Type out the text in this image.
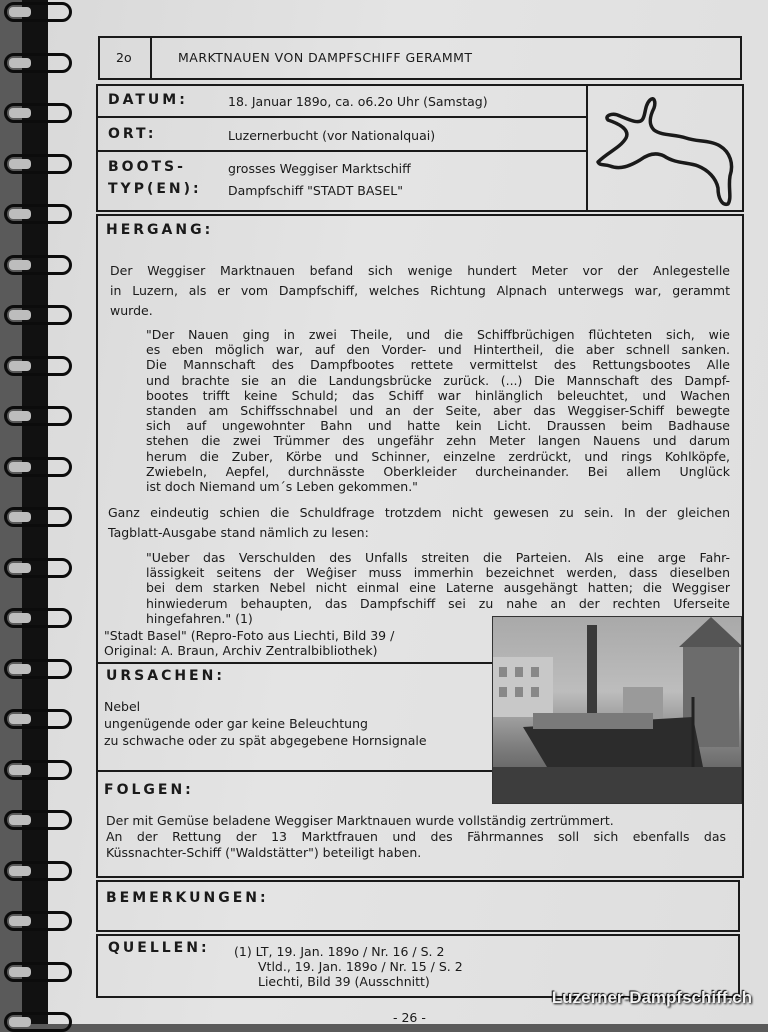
2o	MARKTNAUEN VON DAMPFSCHIFF GERAMMT
DATUM:	18. Januar 189o, ca. o6.2o Uhr (Samstag)
ORT:	Luzernerbucht (vor Nationalquai)
BOOTS-
TYP(EN):
grosses Weggiser Marktschiff
Dampfschiff "STADT BASEL"
HERGANG:

Der Weggiser Marktnauen befand sich wenige hundert Meter vor der Anlegestelle

in Luzern, als er vom Dampfschiff, welches Richtung Alpnach unterwegs war, gerammt

wurde.

"Der Nauen ging in zwei Theile, und die Schiffbrüchigen flüchteten sich, wie

es eben möglich war, auf den Vorder- und Hintertheil, die aber schnell sanken.

Die Mannschaft des Dampfbootes rettete vermittelst des Rettungsbootes Alle

und brachte sie an die Landungsbrücke zurück. (...) Die Mannschaft des Dampf-

bootes trifft keine Schuld; das Schiff war hinlänglich beleuchtet, und Wachen

standen am Schiffsschnabel und an der Seite, aber das Weggiser-Schiff bewegte

sich auf ungewohnter Bahn und hatte kein Licht. Draussen beim Badhause

stehen die zwei Trümmer des ungefähr zehn Meter langen Nauens und darum

herum die Zuber, Körbe und Schinner, einzelne zerdrückt, und rings Kohlköpfe,

Zwiebeln, Aepfel, durchnässte Oberkleider durcheinander. Bei allem Unglück

ist doch Niemand um´s Leben gekommen."

Ganz eindeutig schien die Schuldfrage trotzdem nicht gewesen zu sein. In der gleichen

Tagblatt-Ausgabe stand nämlich zu lesen:

"Ueber das Verschulden des Unfalls streiten die Parteien. Als eine arge Fahr-

lässigkeit seitens der Weĝiser muss immerhin bezeichnet werden, dass dieselben

bei dem starken Nebel nicht einmal eine Laterne ausgehängt hatten; die Weggiser

hinwiederum behaupten, das Dampfschiff sei zu nahe an der rechten Uferseite

hingefahren." (1)

"Stadt Basel" (Repro-Foto aus Liechti, Bild 39 /

Original: A. Braun, Archiv Zentralbibliothek)

URSACHEN:

Nebel

ungenügende oder gar keine Beleuchtung

zu schwache oder zu spät abgegebene Hornsignale

FOLGEN:

Der mit Gemüse beladene Weggiser Marktnauen wurde vollständig zertrümmert.

An der Rettung der 13 Marktfrauen und des Fährmannes soll sich ebenfalls das

Küssnachter-Schiff ("Waldstätter") beteiligt haben.

BEMERKUNGEN:
QUELLEN: (1) LT, 19. Jan. 189o / Nr. 16 / S. 2

Vtld., 19. Jan. 189o / Nr. 15 / S. 2

Liechti, Bild 39 (Ausschnitt)

- 26 -
Luzerner-Dampfschiff.ch
